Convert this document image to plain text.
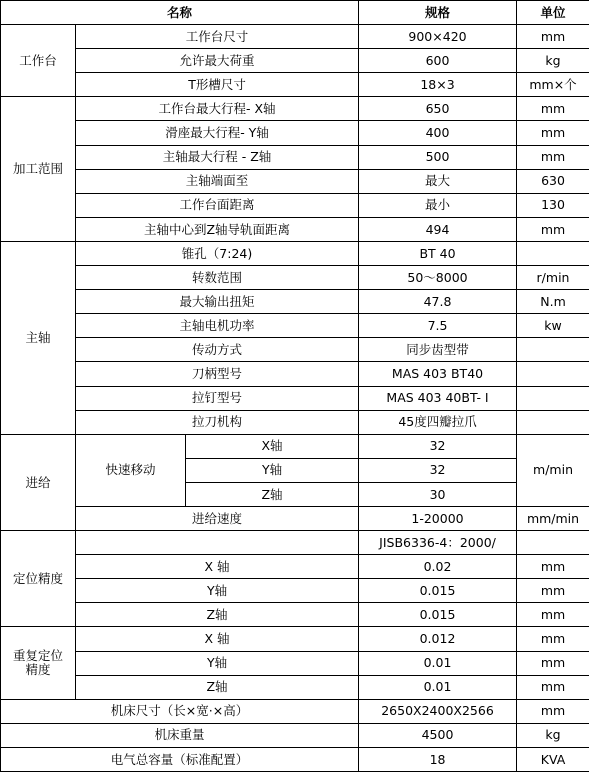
名称			规格	单位	
工作台	工作台尺寸		900×420	mm	
	允许最大荷重		600	kg	
	T形槽尺寸		18×3	mm×个	
加工范围	工作台最大行程- X轴		650	mm	
	滑座最大行程- Y轴		400	mm	
	主轴最大行程 - Z轴		500	mm	
	主轴端面至		最大	630	
	工作台面距离		最小	130	
	主轴中心到Z轴导轨面距离		494	mm	
主轴	锥孔（7:24)		BT 40		
	转数范围		50～8000	r/min	
	最大输出扭矩		47.8	N.m	
	主轴电机功率		7.5	kw	
	传动方式		同步齿型带		
	刀柄型号		MAS 403 BT40		
	拉钉型号		MAS 403 40BT- I		
	拉刀机构		45度四瓣拉爪		
进给	快速移动	X轴	32	m/min	
		Y轴	32		
		Z轴	30		
	进给速度		1-20000	mm/min	
定位精度			JISB6336-4：2000/		
	X 轴		0.02	mm	
	Y轴		0.015	mm	
	Z轴		0.015	mm	
重复定位
精度	X 轴		0.012	mm	
	Y轴		0.01	mm	
	Z轴		0.01	mm	
机床尺寸（长×宽·×高）			2650X2400X2566	mm	
机床重量			4500	kg	
电气总容量（标准配置）			18	KVA	
